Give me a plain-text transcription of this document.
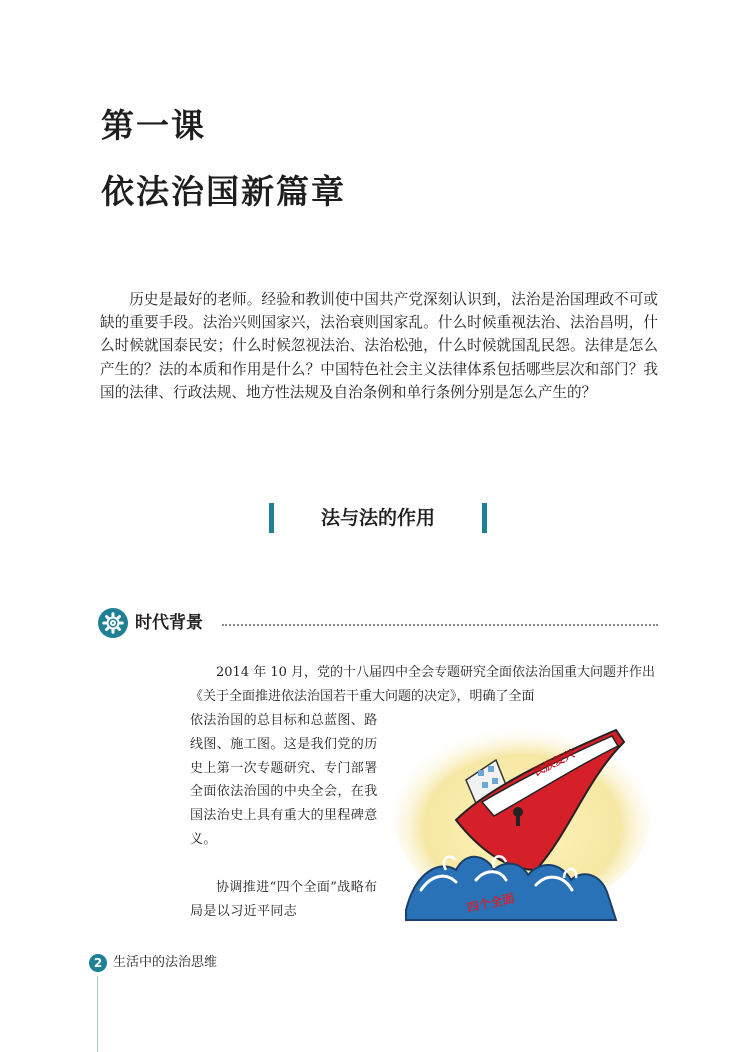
第一课
依法治国新篇章

历史是最好的老师。经验和教训使中国共产党深刻认识到，法治是治国理政不可或缺的重要手段。法治兴则国家兴，法治衰则国家乱。什么时候重视法治、法治昌明，什么时候就国泰民安；什么时候忽视法治、法治松弛，什么时候就国乱民怨。法律是怎么产生的？法的本质和作用是什么？中国特色社会主义法律体系包括哪些层次和部门？我国的法律、行政法规、地方性法规及自治条例和单行条例分别是怎么产生的？

法与法的作用
时代背景

2014 年 10 月，党的十八届四中全会专题研究全面依法治国重大问题并作出《关于全面推进依法治国若干重大问题的决定》，明确了全面

依法治国的总目标和总蓝图、路线图、施工图。这是我们党的历史上第一次专题研究、专门部署全面依法治国的中央全会，在我国法治史上具有重大的里程碑意义。

协调推进“四个全面”战略布局是以习近平同志

民族复兴
四个全面
2 生活中的法治思维
